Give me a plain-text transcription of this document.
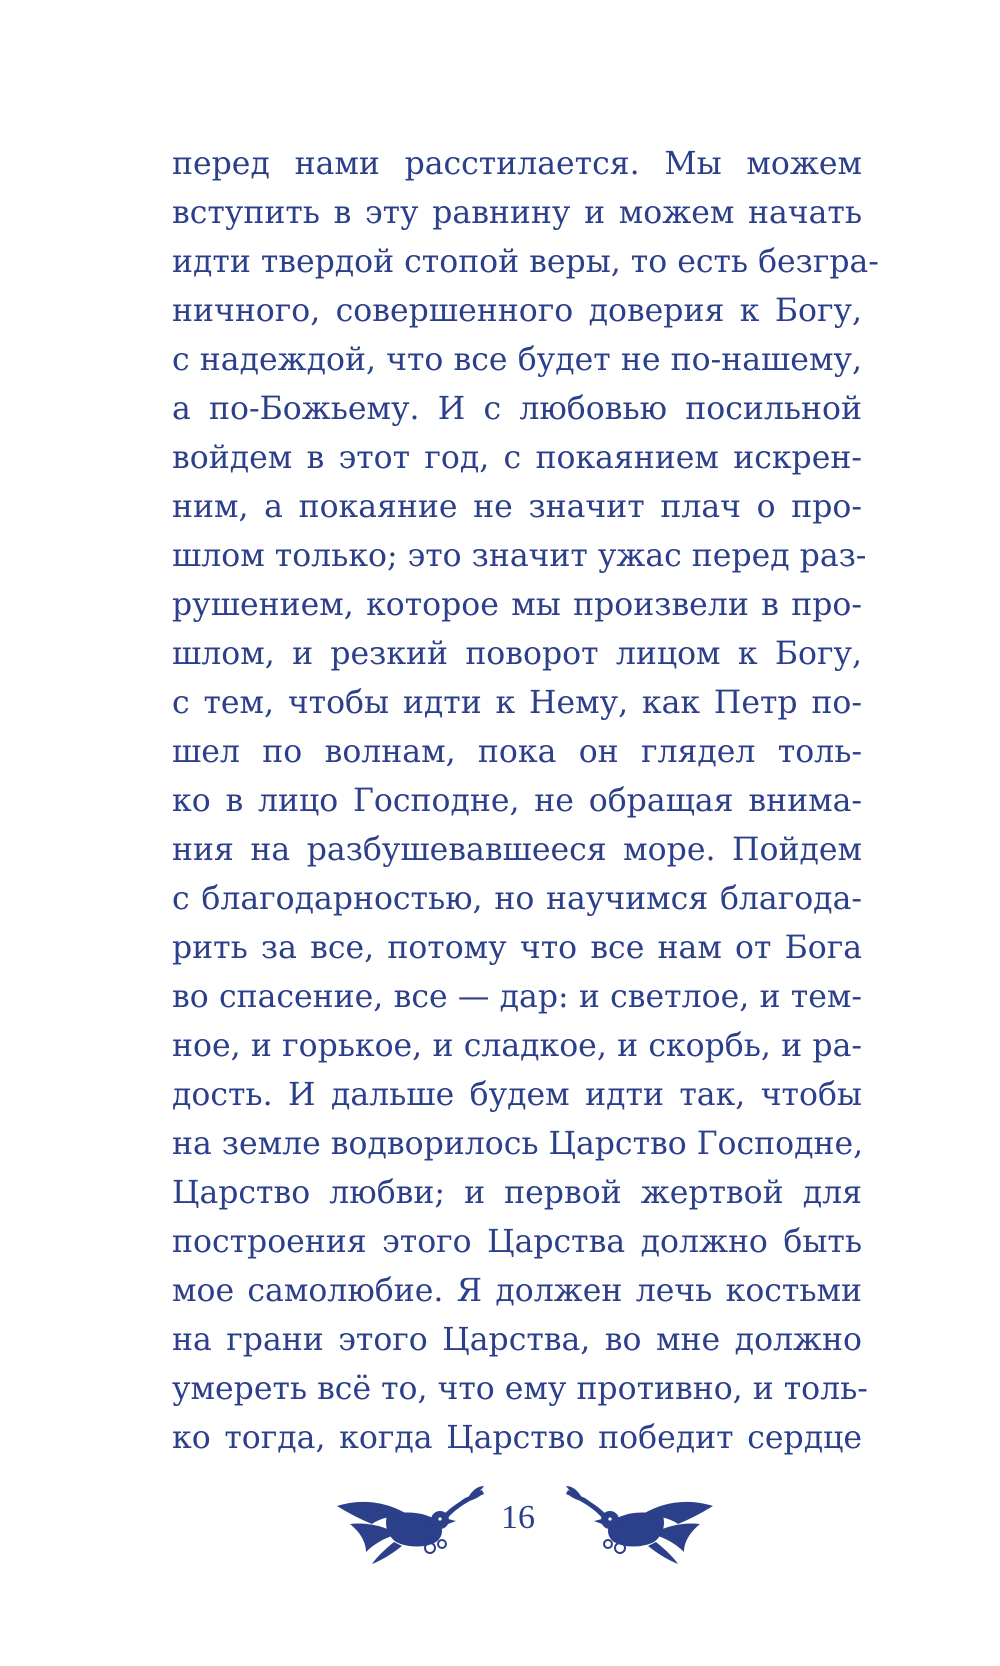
перед нами расстилается. Мы можем
вступить в эту равнину и можем начать
идти твердой стопой веры, то есть безгра-
ничного, совершенного доверия к Богу,
с надеждой, что все будет не по-нашему,
а по-Божьему. И с любовью посильной
войдем в этот год, с покаянием искрен-
ним, а покаяние не значит плач о про-
шлом только; это значит ужас перед раз-
рушением, которое мы произвели в про-
шлом, и резкий поворот лицом к Богу,
с тем, чтобы идти к Нему, как Петр по-
шел по волнам, пока он глядел толь-
ко в лицо Господне, не обращая внима-
ния на разбушевавшееся море. Пойдем
с благодарностью, но научимся благода-
рить за все, потому что все нам от Бога
во спасение, все — дар: и светлое, и тем-
ное, и горькое, и сладкое, и скорбь, и ра-
дость. И дальше будем идти так, чтобы
на земле водворилось Царство Господне,
Царство любви; и первой жертвой для
построения этого Царства должно быть
мое самолюбие. Я должен лечь костьми
на грани этого Царства, во мне должно
умереть всё то, что ему противно, и толь-
ко тогда, когда Царство победит сердце
16
